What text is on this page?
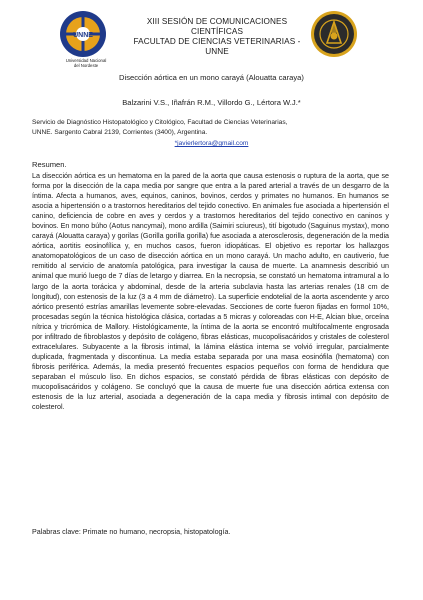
UNNE
Universidad Nacional
del Nordeste
XIII SESIÓN DE COMUNICACIONES CIENTÍFICAS
FACULTAD DE CIENCIAS VETERINARIAS - UNNE
Disección aórtica en un mono carayá (Alouatta caraya)
Balzarini V.S., Iñafrán R.M., Villordo G., Lértora W.J.*
Servicio de Diagnóstico Histopatológico y Citológico, Facultad de Ciencias Veterinarias,
UNNE. Sargento Cabral 2139, Corrientes (3400), Argentina.
*javierlertora@gmail.com
Resumen.
La disección aórtica es un hematoma en la pared de la aorta que causa estenosis o ruptura de la aorta, que se forma por la disección de la capa media por sangre que entra a la pared arterial a través de un desgarro de la íntima. Afecta a humanos, aves, equinos, caninos, bovinos, cerdos y primates no humanos. En humanos se asocia a hipertensión o a trastornos hereditarios del tejido conectivo. En animales fue asociada a hipertensión el canino, deficiencia de cobre en aves y cerdos y a trastornos hereditarios del tejido conectivo en caninos y bovinos. En mono búho (Aotus nancymai), mono ardilla (Saimiri sciureus), tití bigotudo (Saguinus mystax), mono carayá (Alouatta caraya) y gorilas (Gorilla gorilla gorilla) fue asociada a aterosclerosis, degeneración de la media aórtica, aortitis eosinofílica y, en muchos casos, fueron idiopáticas. El objetivo es reportar los hallazgos anatomopatológicos de un caso de disección aórtica en un mono carayá. Un macho adulto, en cautiverio, fue remitido al servicio de anatomía patológica, para investigar la causa de muerte. La anamnesis describió un animal que murió luego de 7 días de letargo y diarrea. En la necropsia, se constató un hematoma intramural a lo largo de la aorta torácica y abdominal, desde de la arteria subclavia hasta las arterias renales (18 cm de longitud), con estenosis de la luz (3 a 4 mm de diámetro). La superficie endotelial de la aorta ascendente y arco aórtico presentó estrías amarillas levemente sobre-elevadas. Secciones de corte fueron fijadas en formol 10%, procesadas según la técnica histológica clásica, cortadas a 5 micras y coloreadas con H-E, Alcian blue, orceína nítrica y tricrómica de Mallory. Histológicamente, la íntima de la aorta se encontró multifocalmente engrosada por infiltrado de fibroblastos y depósito de colágeno, fibras elásticas, mucopolisacáridos y cristales de colesterol extracelulares. Subyacente a la fibrosis intimal, la lámina elástica interna se volvió irregular, parcialmente duplicada, fragmentada y discontinua. La media estaba separada por una masa eosinófila (hematoma) con fibrosis periférica. Además, la media presentó frecuentes espacios pequeños con forma de hendidura que separaban el músculo liso. En dichos espacios, se constató pérdida de fibras elásticas con depósito de mucopolisacáridos y colágeno. Se concluyó que la causa de muerte fue una disección aórtica extensa con estenosis de la luz arterial, asociada a degeneración de la capa media y fibrosis intimal con depósito de colesterol.
Palabras clave: Primate no humano, necropsia, histopatología.
